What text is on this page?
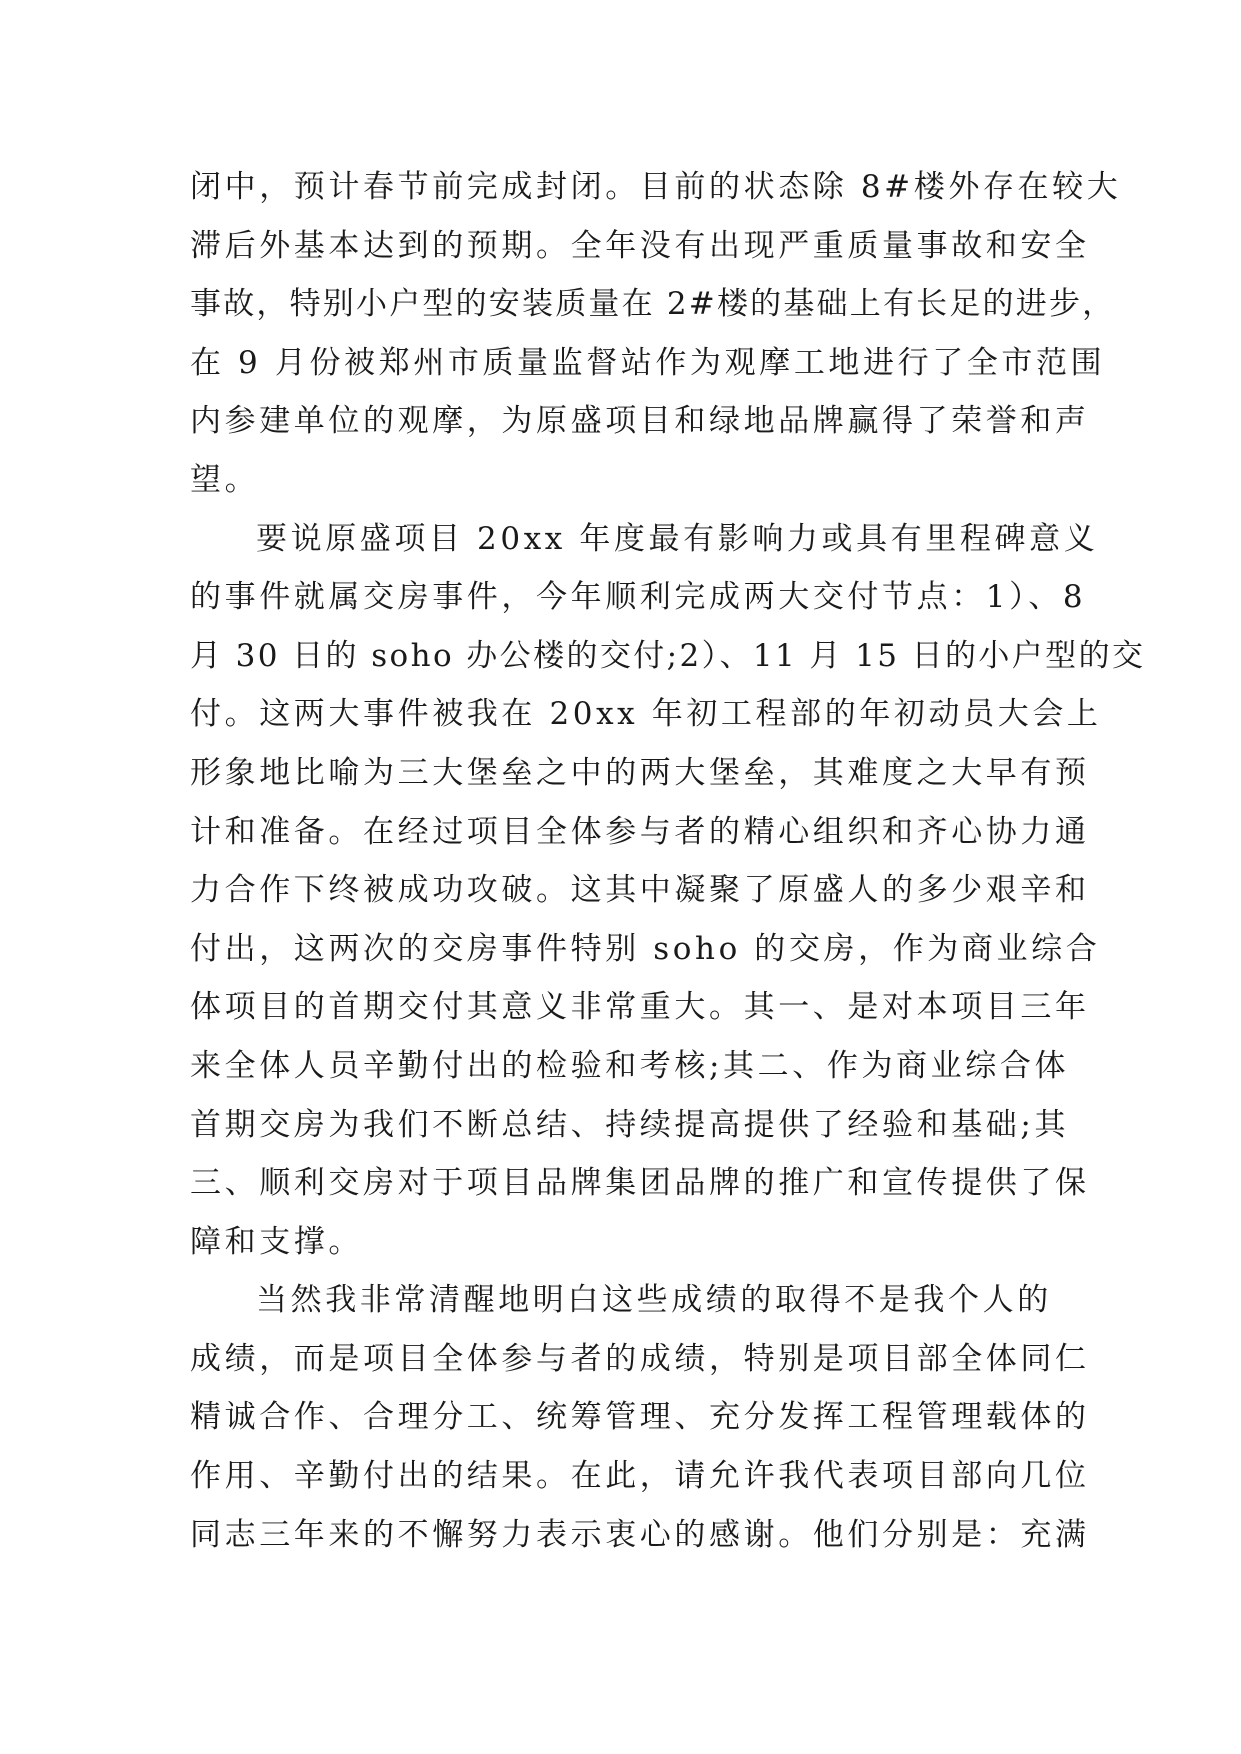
闭中，预计春节前完成封闭。目前的状态除 8#楼外存在较大
滞后外基本达到的预期。全年没有出现严重质量事故和安全
事故，特别小户型的安装质量在 2#楼的基础上有长足的进步，
在 9 月份被郑州市质量监督站作为观摩工地进行了全市范围
内参建单位的观摩，为原盛项目和绿地品牌赢得了荣誉和声
望。
要说原盛项目 20xx 年度最有影响力或具有里程碑意义
的事件就属交房事件，今年顺利完成两大交付节点：1）、8
月 30 日的 soho 办公楼的交付;2）、11 月 15 日的小户型的交
付。这两大事件被我在 20xx 年初工程部的年初动员大会上
形象地比喻为三大堡垒之中的两大堡垒，其难度之大早有预
计和准备。在经过项目全体参与者的精心组织和齐心协力通
力合作下终被成功攻破。这其中凝聚了原盛人的多少艰辛和
付出，这两次的交房事件特别 soho 的交房，作为商业综合
体项目的首期交付其意义非常重大。其一、是对本项目三年
来全体人员辛勤付出的检验和考核;其二、作为商业综合体
首期交房为我们不断总结、持续提高提供了经验和基础;其
三、顺利交房对于项目品牌集团品牌的推广和宣传提供了保
障和支撑。
当然我非常清醒地明白这些成绩的取得不是我个人的
成绩，而是项目全体参与者的成绩，特别是项目部全体同仁
精诚合作、合理分工、统筹管理、充分发挥工程管理载体的
作用、辛勤付出的结果。在此，请允许我代表项目部向几位
同志三年来的不懈努力表示衷心的感谢。他们分别是：充满
